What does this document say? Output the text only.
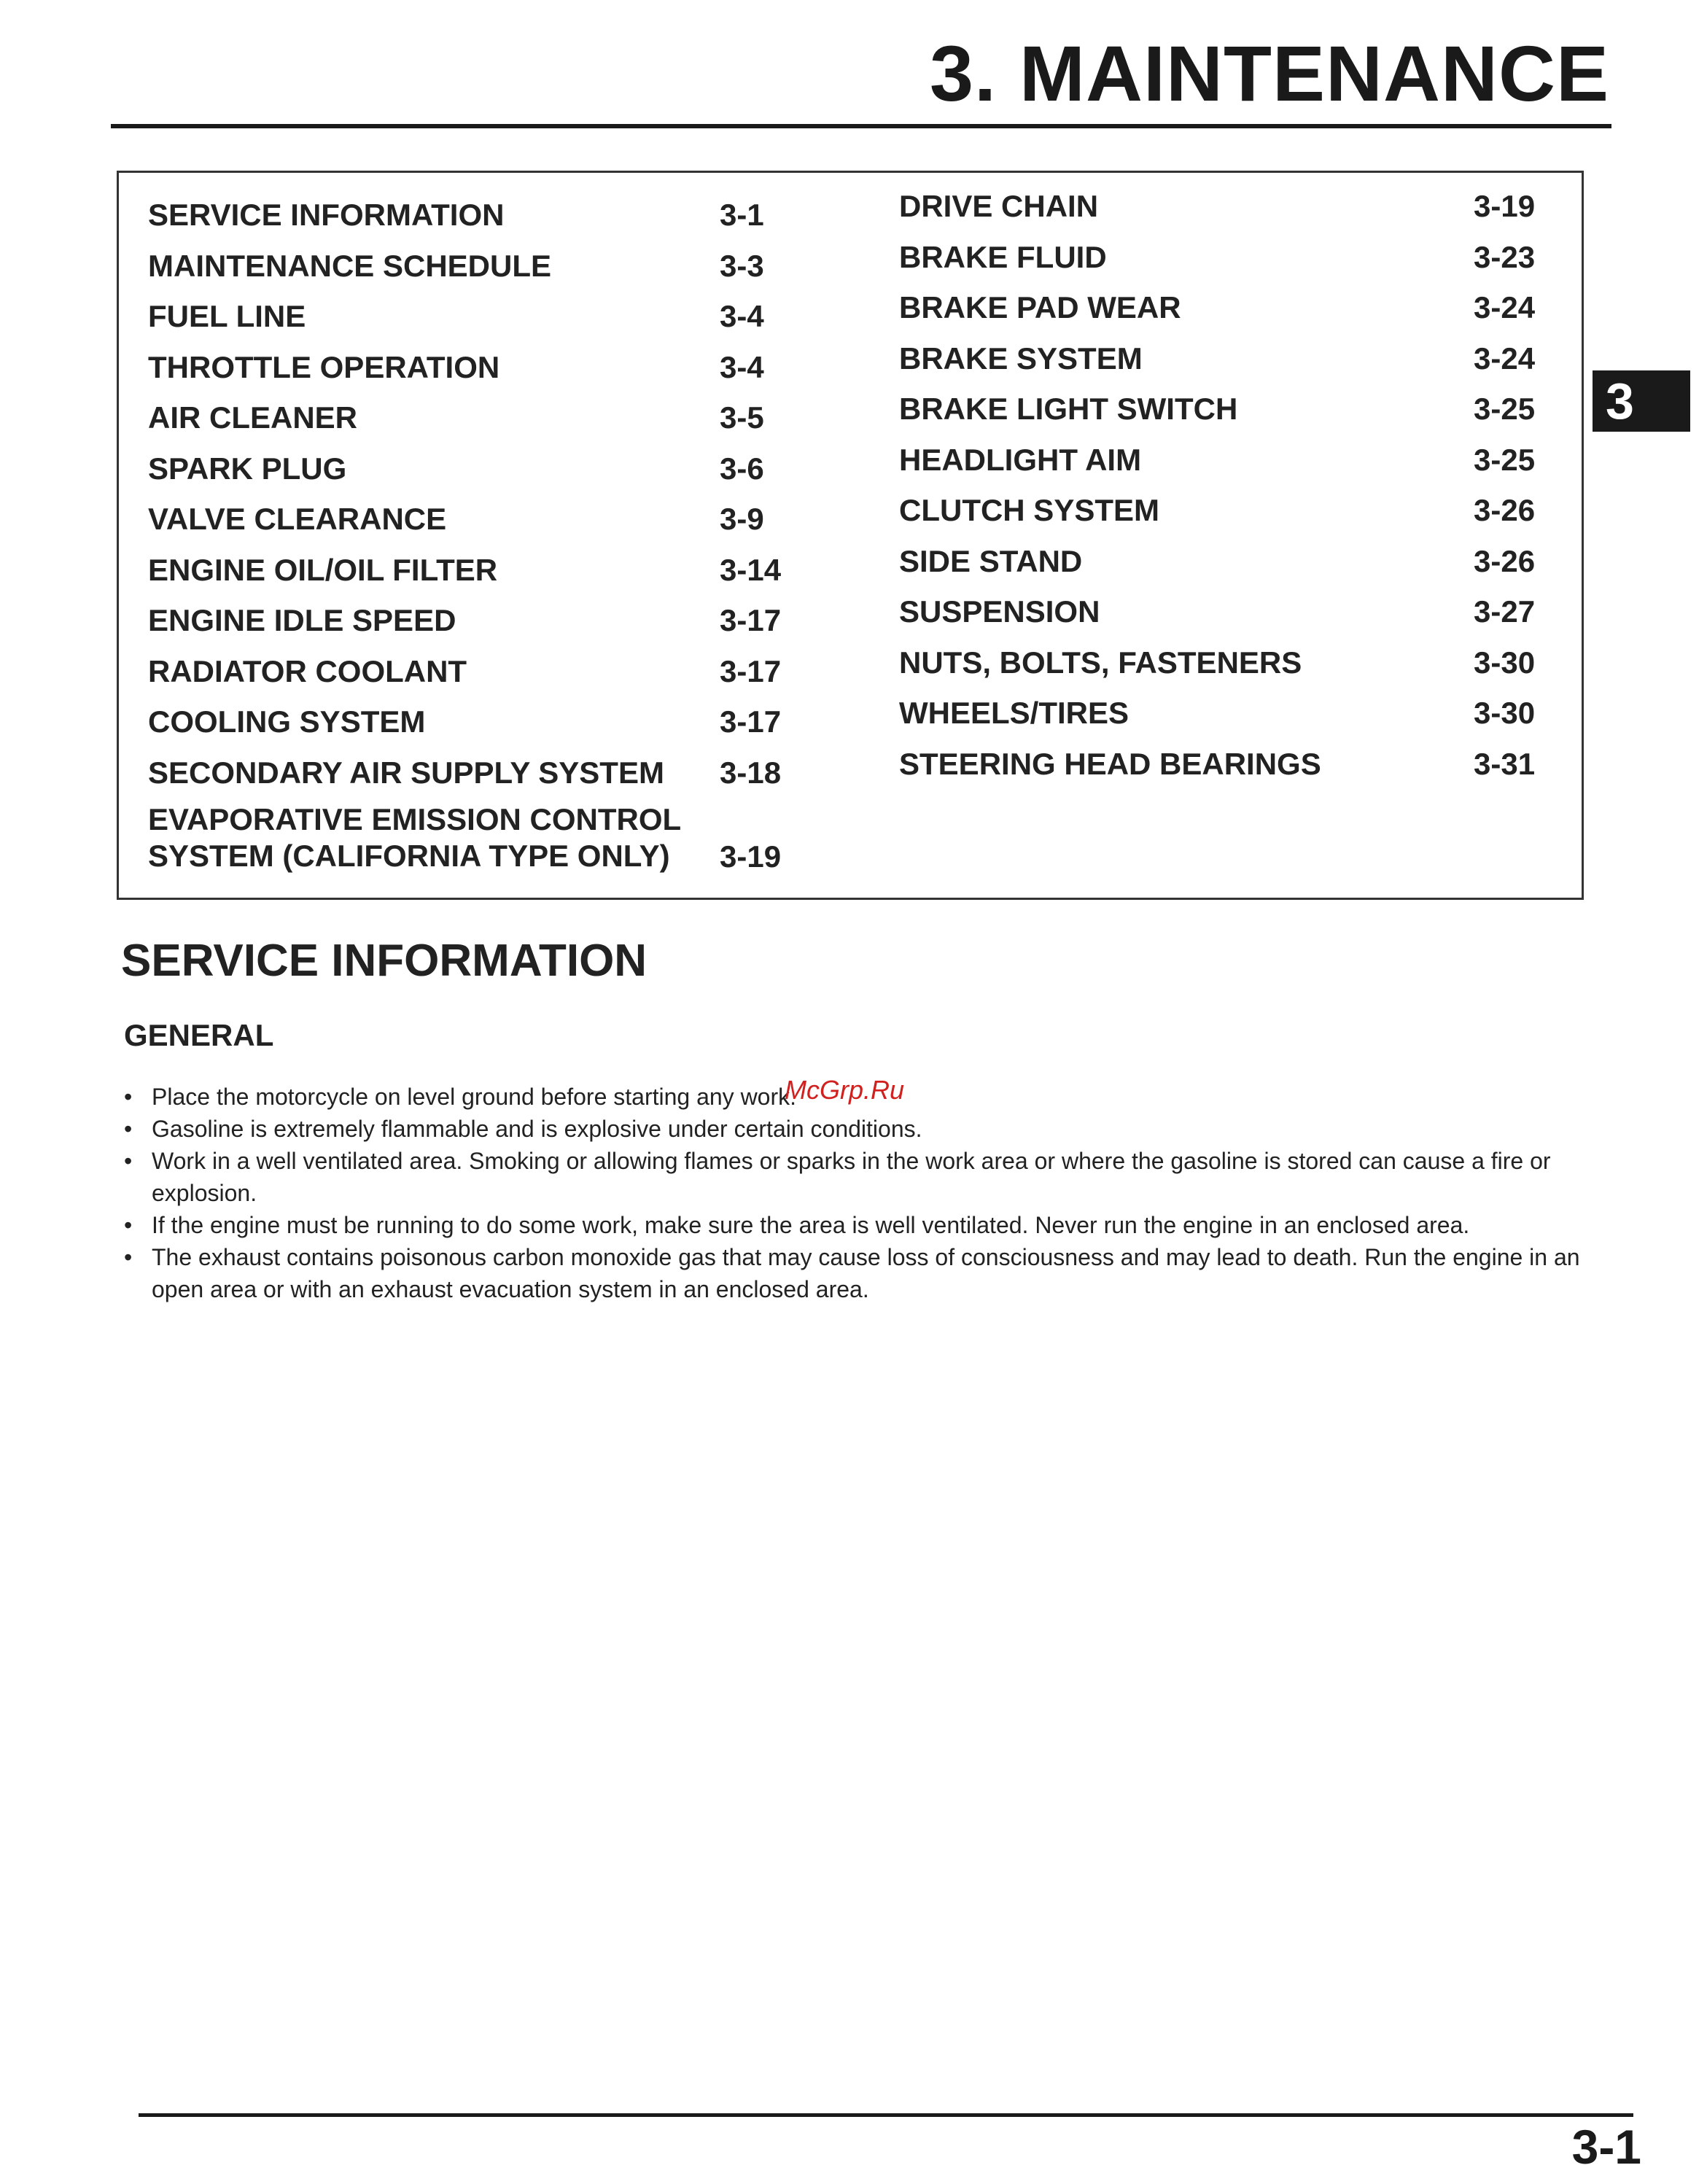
3. MAINTENANCE
3
SERVICE INFORMATION	3-1
MAINTENANCE SCHEDULE	3-3
FUEL LINE	3-4
THROTTLE OPERATION	3-4
AIR CLEANER	3-5
SPARK PLUG	3-6
VALVE CLEARANCE	3-9
ENGINE OIL/OIL FILTER	3-14
ENGINE IDLE SPEED	3-17
RADIATOR COOLANT	3-17
COOLING SYSTEM	3-17
SECONDARY AIR SUPPLY SYSTEM 3-18
EVAPORATIVE EMISSION CONTROL
SYSTEM (CALIFORNIA TYPE ONLY)	3-19
DRIVE CHAIN	3-19
BRAKE FLUID	3-23
BRAKE PAD WEAR	3-24
BRAKE SYSTEM	3-24
BRAKE LIGHT SWITCH	3-25
HEADLIGHT AIM	3-25
CLUTCH SYSTEM	3-26
SIDE STAND	3-26
SUSPENSION	3-27
NUTS, BOLTS, FASTENERS	3-30
WHEELS/TIRES	3-30
STEERING HEAD BEARINGS	3-31
SERVICE INFORMATION
GENERAL
• Place the motorcycle on level ground before starting any work.
• Gasoline is extremely flammable and is explosive under certain conditions.
• Work in a well ventilated area. Smoking or allowing flames or sparks in the work area or where the gasoline is stored can cause a fire or explosion.
• If the engine must be running to do some work, make sure the area is well ventilated. Never run the engine in an enclosed area.
• The exhaust contains poisonous carbon monoxide gas that may cause loss of consciousness and may lead to death. Run the engine in an open area or with an exhaust evacuation system in an enclosed area.
McGrp.Ru
3-1
